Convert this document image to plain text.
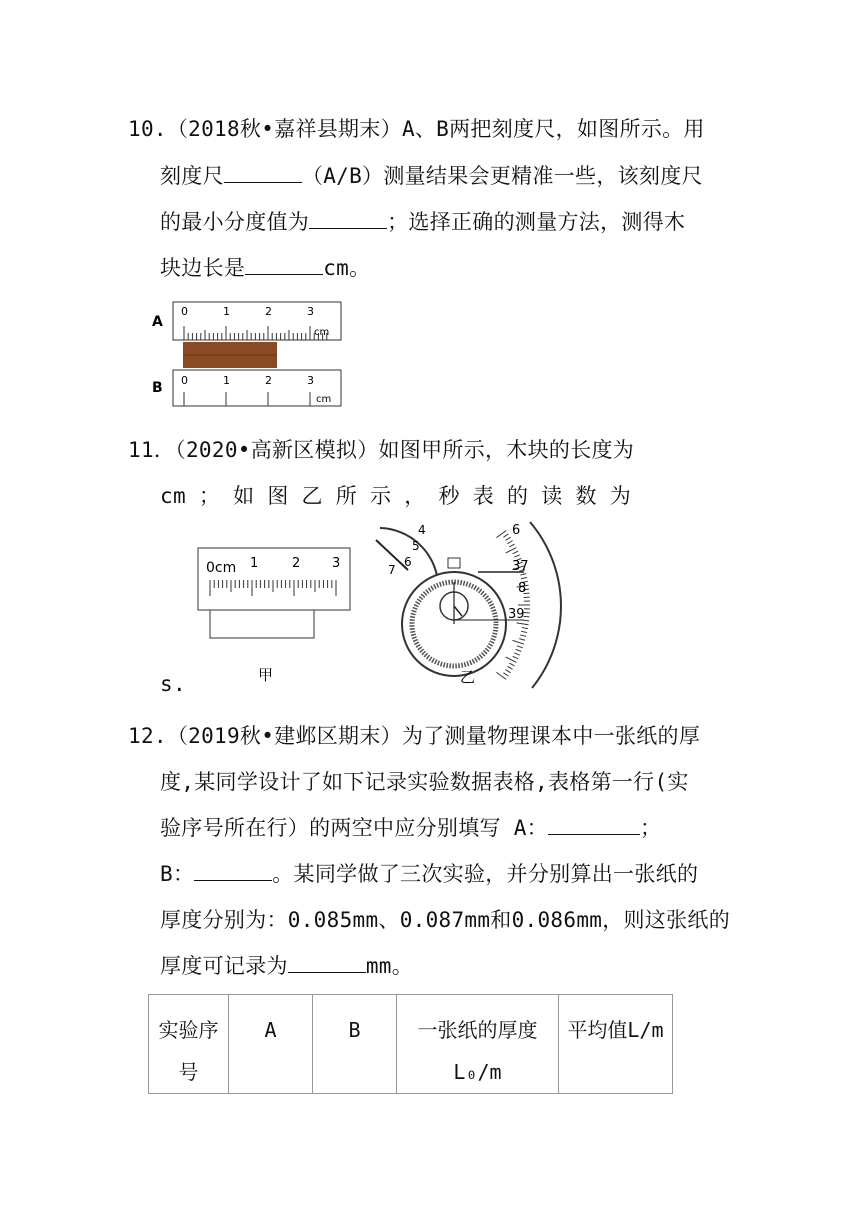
10.（2018秋•嘉祥县期末）A、B两把刻度尺，如图所示。用
刻度尺	（A/B）测量结果会更精准一些，该刻度尺
的最小分度值为	；选择正确的测量方法，测得木
块边长是	cm。
A
B
0	1	2	3
cm
0	1	2	3
cm
11．（2020•高新区模拟）如图甲所示，木块的长度为
cm ； 如 图 乙 所 示 ， 秒 表 的 读 数 为
0cm 1	2 3
甲
4
5
6
7
6
37
8
39
乙
s.
12.（2019秋•建邺区期末）为了测量物理课本中一张纸的厚
度,某同学设计了如下记录实验数据表格,表格第一行(实
验序号所在行）的两空中应分别填写 A：	；
B：	。某同学做了三次实验，并分别算出一张纸的
厚度分别为：0.085mm、0.087mm和0.086mm，则这张纸的
厚度可记录为	mm。
实验序号	A	B	一张纸的厚度L₀/m	平均值L/m
